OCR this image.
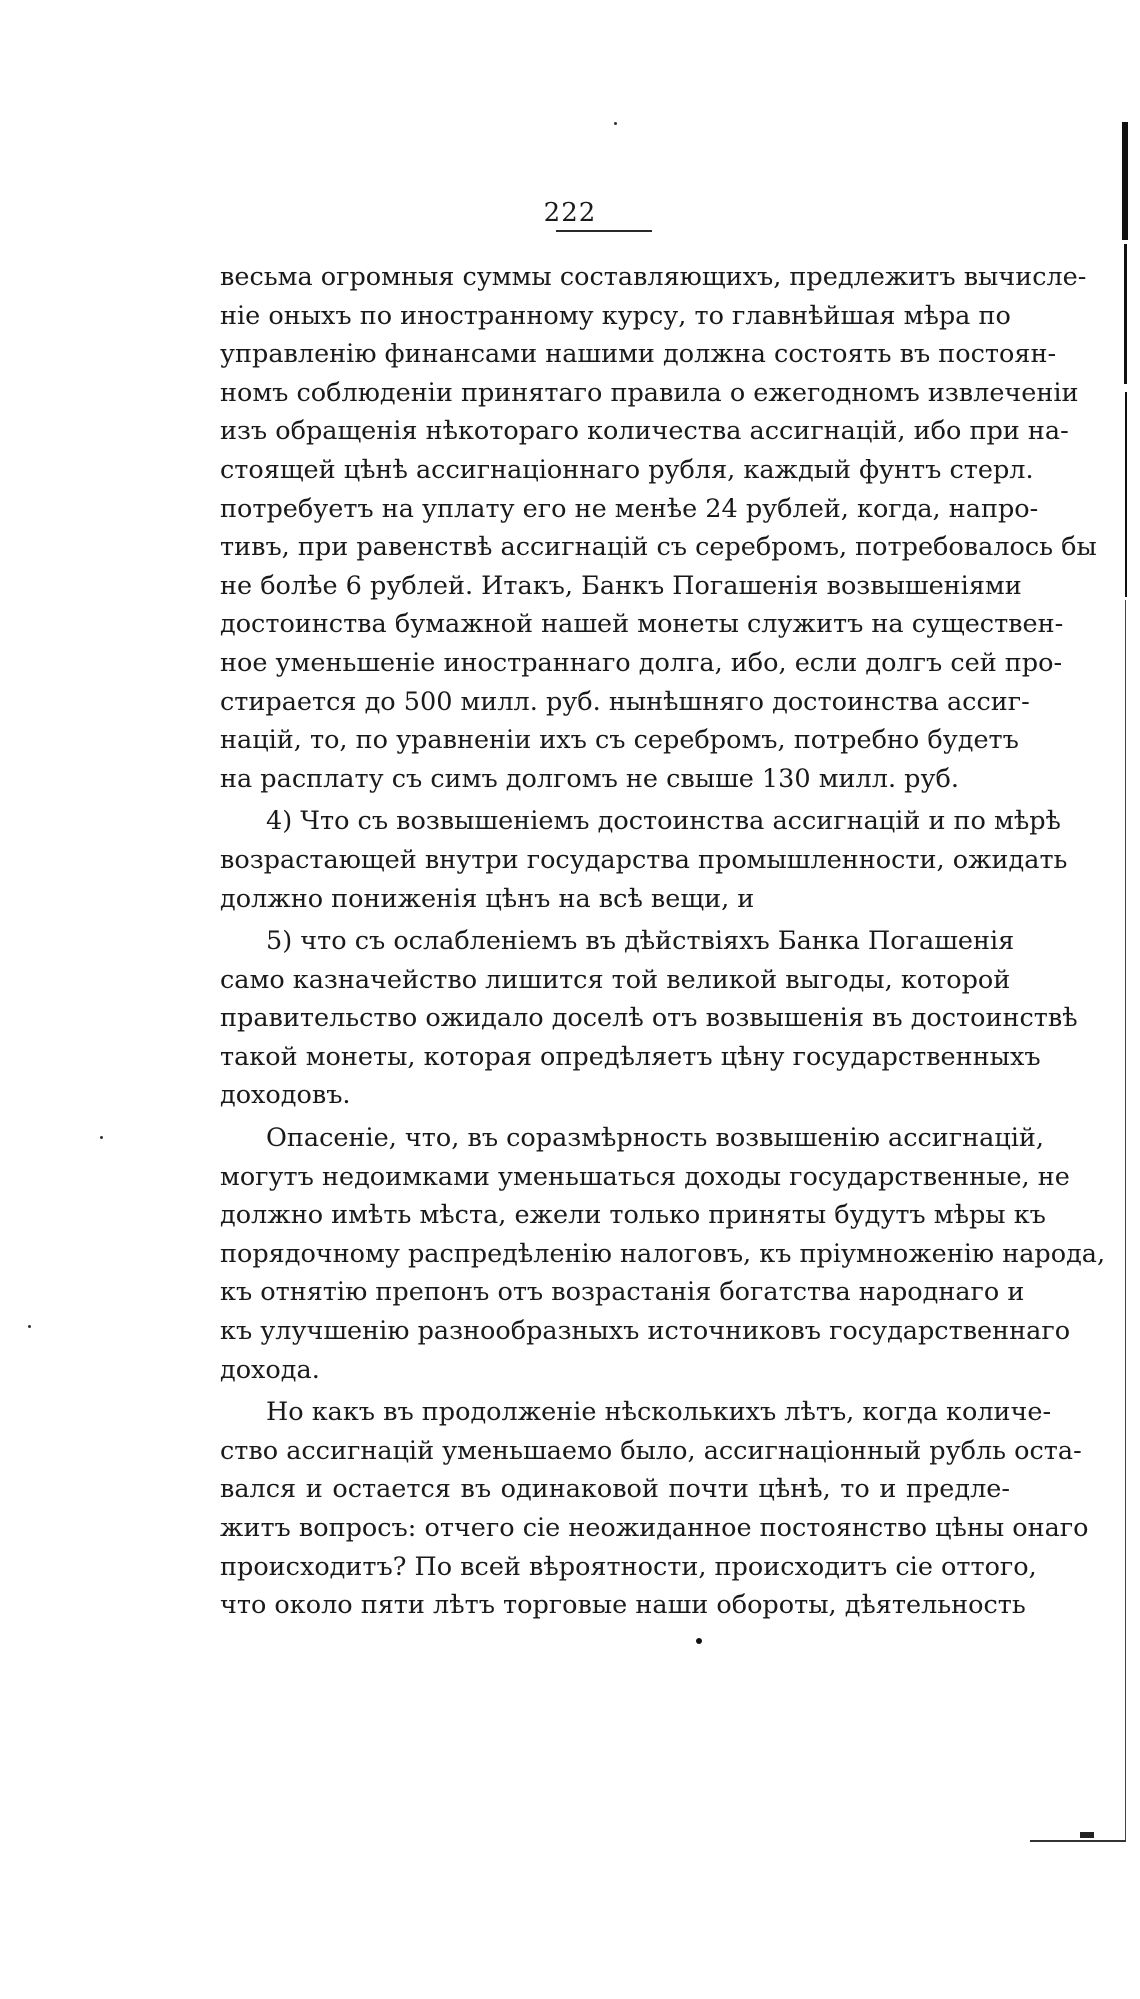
222
весьма огромныя суммы составляющихъ, предлежитъ вычисле-
ніе оныхъ по иностранному курсу, то главнѣйшая мѣра по
управленію финансами нашими должна состоять въ постоян-
номъ соблюденіи принятаго правила о ежегодномъ извлеченіи
изъ обращенія нѣкотораго количества ассигнацій, ибо при на-
стоящей цѣнѣ ассигнаціоннаго рубля, каждый фунтъ стерл.
потребуетъ на уплату его не менѣе 24 рублей, когда, напро-
тивъ, при равенствѣ ассигнацій съ серебромъ, потребовалось бы
не болѣе 6 рублей. Итакъ, Банкъ Погашенія возвышеніями
достоинства бумажной нашей монеты служитъ на существен-
ное уменьшеніе иностраннаго долга, ибо, если долгъ сей про-
стирается до 500 милл. руб. нынѣшняго достоинства ассиг-
націй, то, по уравненіи ихъ съ серебромъ, потребно будетъ
на расплату съ симъ долгомъ не свыше 130 милл. руб.
4) Что съ возвышеніемъ достоинства ассигнацій и по мѣрѣ
возрастающей внутри государства промышленности, ожидать
должно пониженія цѣнъ на всѣ вещи, и
5) что съ ослабленіемъ въ дѣйствіяхъ Банка Погашенія
само казначейство лишится той великой выгоды, которой
правительство ожидало доселѣ отъ возвышенія въ достоинствѣ
такой монеты, которая опредѣляетъ цѣну государственныхъ
доходовъ.
Опасеніе, что, въ соразмѣрность возвышенію ассигнацій,
могутъ недоимками уменьшаться доходы государственные, не
должно имѣть мѣста, ежели только приняты будутъ мѣры къ
порядочному распредѣленію налоговъ, къ пріумноженію народа,
къ отнятію препонъ отъ возрастанія богатства народнаго и
къ улучшенію разнообразныхъ источниковъ государственнаго
дохода.
Но какъ въ продолженіе нѣсколькихъ лѣтъ, когда количе-
ство ассигнацій уменьшаемо было, ассигнаціонный рубль оста-
вался и остается въ одинаковой почти цѣнѣ, то и предле-
житъ вопросъ: отчего сіе неожиданное постоянство цѣны онаго
происходитъ? По всей вѣроятности, происходитъ сіе оттого,
что около пяти лѣтъ торговые наши обороты, дѣятельность
